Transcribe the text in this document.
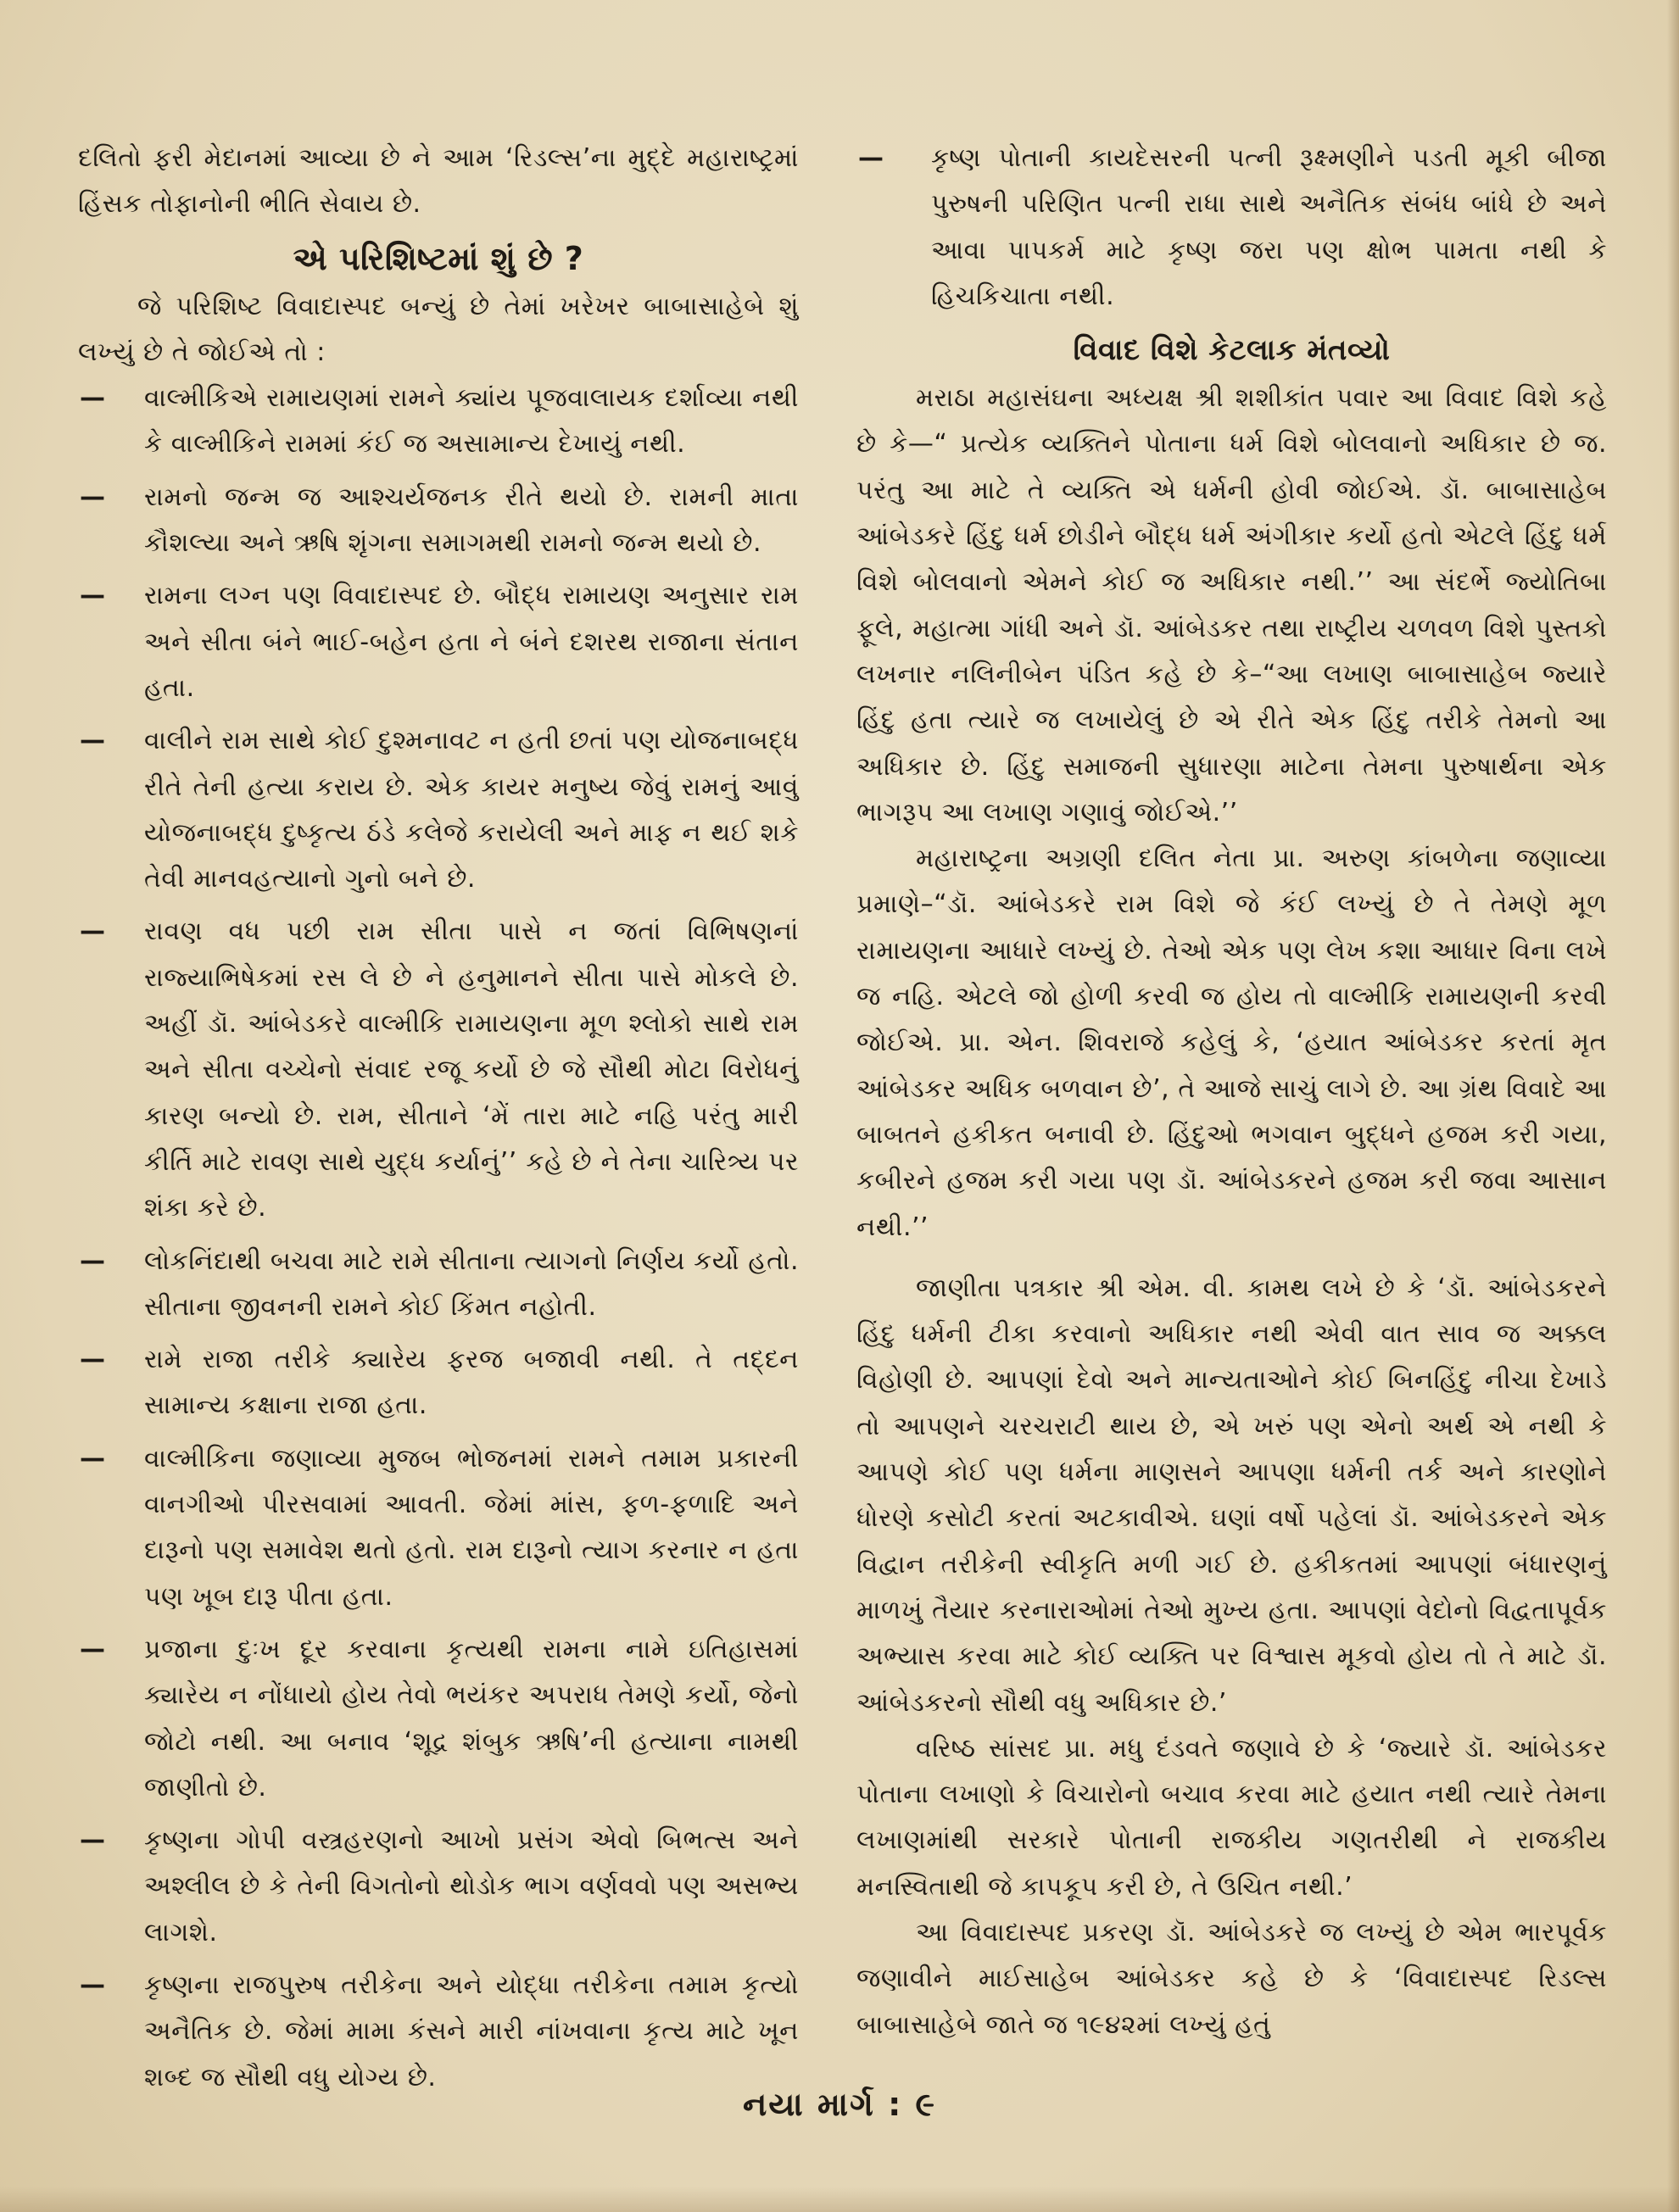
દલિતો ફરી મેદાનમાં આવ્યા છે ને આમ ‘રિડલ્સ’ના મુદ્દે મહારાષ્ટ્રમાં હિંસક તોફાનોની ભીતિ સેવાય છે.

એ પરિશિષ્ટમાં શું છે ?

જે પરિશિષ્ટ વિવાદાસ્પદ બન્યું છે તેમાં ખરેખર બાબાસાહેબે શું લખ્યું છે તે જોઈએ તો :

— વાલ્મીકિએ રામાયણમાં રામને ક્યાંય પૂજવાલાયક દર્શાવ્યા નથી કે વાલ્મીકિને રામમાં કંઈ જ અસામાન્ય દેખાયું નથી.
— રામનો જન્મ જ આશ્ચર્યજનક રીતે થયો છે. રામની માતા કૌશલ્યા અને ઋષિ શૃંગના સમાગમથી રામનો જન્મ થયો છે.
— રામના લગ્ન પણ વિવાદાસ્પદ છે. બૌદ્ધ રામાયણ અનુસાર રામ અને સીતા બંને ભાઈ-બહેન હતા ને બંને દશરથ રાજાના સંતાન હતા.
— વાલીને રામ સાથે કોઈ દુશ્મનાવટ ન હતી છતાં પણ યોજનાબદ્ધ રીતે તેની હત્યા કરાય છે. એક કાયર મનુષ્ય જેવું રામનું આવું યોજનાબદ્ધ દુષ્કૃત્ય ઠંડે કલેજે કરાયેલી અને માફ ન થઈ શકે તેવી માનવહત્યાનો ગુનો બને છે.
— રાવણ વધ પછી રામ સીતા પાસે ન જતાં વિભિષણનાં રાજ્યાભિષેકમાં રસ લે છે ને હનુમાનને સીતા પાસે મોકલે છે. અહીં ડૉ. આંબેડકરે વાલ્મીકિ રામાયણના મૂળ શ્લોકો સાથે રામ અને સીતા વચ્ચેનો સંવાદ રજૂ કર્યો છે જે સૌથી મોટા વિરોધનું કારણ બન્યો છે. રામ, સીતાને ‘મેં તારા માટે નહિ પરંતુ મારી કીર્તિ માટે રાવણ સાથે યુદ્ધ કર્યાનું’’ કહે છે ને તેના ચારિત્ર્ય પર શંકા કરે છે.
— લોકનિંદાથી બચવા માટે રામે સીતાના ત્યાગનો નિર્ણય કર્યો હતો. સીતાના જીવનની રામને કોઈ કિંમત નહોતી.
— રામે રાજા તરીકે ક્યારેય ફરજ બજાવી નથી. તે તદ્દન સામાન્ય કક્ષાના રાજા હતા.
— વાલ્મીકિના જણાવ્યા મુજબ ભોજનમાં રામને તમામ પ્રકારની વાનગીઓ પીરસવામાં આવતી. જેમાં માંસ, ફળ-ફળાદિ અને દારૂનો પણ સમાવેશ થતો હતો. રામ દારૂનો ત્યાગ કરનાર ન હતા પણ ખૂબ દારૂ પીતા હતા.
— પ્રજાના દુઃખ દૂર કરવાના કૃત્યથી રામના નામે ઇતિહાસમાં ક્યારેય ન નોંધાયો હોય તેવો ભયંકર અપરાધ તેમણે કર્યો, જેનો જોટો નથી. આ બનાવ ‘શૂદ્ર શંબુક ઋષિ’ની હત્યાના નામથી જાણીતો છે.
— કૃષ્ણના ગોપી વસ્ત્રહરણનો આખો પ્રસંગ એવો બિભત્સ અને અશ્લીલ છે કે તેની વિગતોનો થોડોક ભાગ વર્ણવવો પણ અસભ્ય લાગશે.
— કૃષ્ણના રાજપુરુષ તરીકેના અને યોદ્ધા તરીકેના તમામ કૃત્યો અનૈતિક છે. જેમાં મામા કંસને મારી નાંખવાના કૃત્ય માટે ખૂન શબ્દ જ સૌથી વધુ યોગ્ય છે.
— કૃષ્ણ પોતાની કાયદેસરની પત્ની રૂક્ષ્મણીને પડતી મૂકી બીજા પુરુષની પરિણિત પત્ની રાધા સાથે અનૈતિક સંબંધ બાંધે છે અને આવા પાપકર્મ માટે કૃષ્ણ જરા પણ ક્ષોભ પામતા નથી કે હિચકિચાતા નથી.
વિવાદ વિશે કેટલાક મંતવ્યો

મરાઠા મહાસંઘના અધ્યક્ષ શ્રી શશીકાંત પવાર આ વિવાદ વિશે કહે છે કે—“ પ્રત્યેક વ્યક્તિને પોતાના ધર્મ વિશે બોલવાનો અધિકાર છે જ. પરંતુ આ માટે તે વ્યક્તિ એ ધર્મની હોવી જોઈએ. ડૉ. બાબાસાહેબ આંબેડકરે હિંદુ ધર્મ છોડીને બૌદ્ધ ધર્મ અંગીકાર કર્યો હતો એટલે હિંદુ ધર્મ વિશે બોલવાનો એમને કોઈ જ અધિકાર નથી.’’ આ સંદર્ભે જ્યોતિબા ફૂલે, મહાત્મા ગાંધી અને ડૉ. આંબેડકર તથા રાષ્ટ્રીય ચળવળ વિશે પુસ્તકો લખનાર નલિનીબેન પંડિત કહે છે કે–“આ લખાણ બાબાસાહેબ જ્યારે હિંદુ હતા ત્યારે જ લખાયેલું છે એ રીતે એક હિંદુ તરીકે તેમનો આ અધિકાર છે. હિંદુ સમાજની સુધારણા માટેના તેમના પુરુષાર્થના એક ભાગરૂપ આ લખાણ ગણાવું જોઈએ.’’

મહારાષ્ટ્રના અગ્રણી દલિત નેતા પ્રા. અરુણ કાંબળેના જણાવ્યા પ્રમાણે–“ડૉ. આંબેડકરે રામ વિશે જે કંઈ લખ્યું છે તે તેમણે મૂળ રામાયણના આધારે લખ્યું છે. તેઓ એક પણ લેખ કશા આધાર વિના લખે જ નહિ. એટલે જો હોળી કરવી જ હોય તો વાલ્મીકિ રામાયણની કરવી જોઈએ. પ્રા. એન. શિવરાજે કહેલું કે, ‘હયાત આંબેડકર કરતાં મૃત આંબેડકર અધિક બળવાન છે’, તે આજે સાચું લાગે છે. આ ગ્રંથ વિવાદે આ બાબતને હકીકત બનાવી છે. હિંદુઓ ભગવાન બુદ્ધને હજમ કરી ગયા, કબીરને હજમ કરી ગયા પણ ડૉ. આંબેડકરને હજમ કરી જવા આસાન નથી.’’

જાણીતા પત્રકાર શ્રી એમ. વી. કામથ લખે છે કે ‘ડૉ. આંબેડકરને હિંદુ ધર્મની ટીકા કરવાનો અધિકાર નથી એવી વાત સાવ જ અક્કલ વિહોણી છે. આપણાં દેવો અને માન્યતાઓને કોઈ બિનહિંદુ નીચા દેખાડે તો આપણને ચરચરાટી થાય છે, એ ખરું પણ એનો અર્થ એ નથી કે આપણે કોઈ પણ ધર્મના માણસને આપણા ધર્મની તર્ક અને કારણોને ધોરણે કસોટી કરતાં અટકાવીએ. ઘણાં વર્ષો પહેલાં ડૉ. આંબેડકરને એક વિદ્વાન તરીકેની સ્વીકૃતિ મળી ગઈ છે. હકીકતમાં આપણાં બંધારણનું માળખું તૈયાર કરનારાઓમાં તેઓ મુખ્ય હતા. આપણાં વેદોનો વિદ્વતાપૂર્વક અભ્યાસ કરવા માટે કોઈ વ્યક્તિ પર વિશ્વાસ મૂકવો હોય તો તે માટે ડૉ. આંબેડકરનો સૌથી વધુ અધિકાર છે.’

વરિષ્ઠ સાંસદ પ્રા. મધુ દંડવતે જણાવે છે કે ‘જ્યારે ડૉ. આંબેડકર પોતાના લખાણો કે વિચારોનો બચાવ કરવા માટે હયાત નથી ત્યારે તેમના લખાણમાંથી સરકારે પોતાની રાજકીય ગણતરીથી ને રાજકીય મનસ્વિતાથી જે કાપકૂપ કરી છે, તે ઉચિત નથી.’

આ વિવાદાસ્પદ પ્રકરણ ડૉ. આંબેડકરે જ લખ્યું છે એમ ભારપૂર્વક જણાવીને માઈસાહેબ આંબેડકર કહે છે કે ‘વિવાદાસ્પદ રિડલ્સ બાબાસાહેબે જાતે જ ૧૯૪૨માં લખ્યું હતું

નયા માર્ગ : ૯
